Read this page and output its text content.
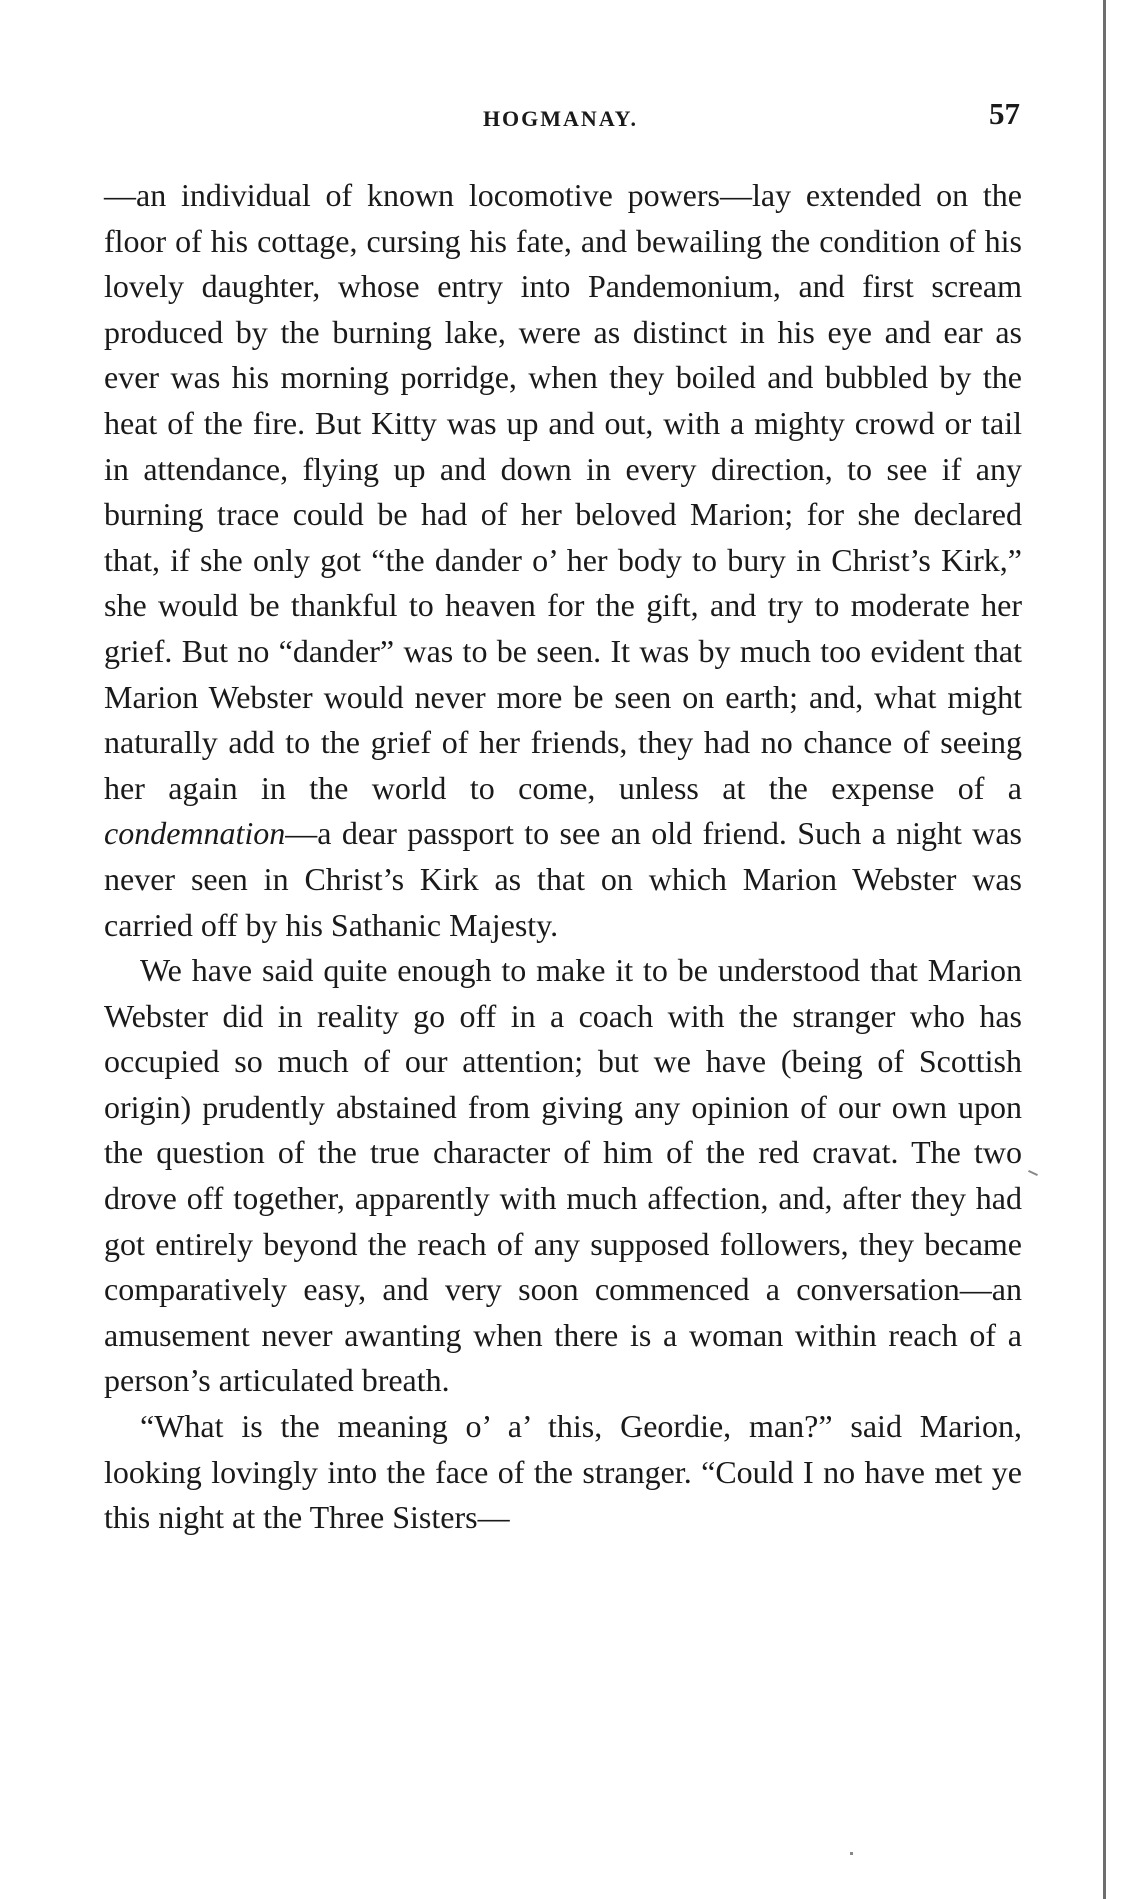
HOGMANAY.	57

—an individual of known locomotive powers—lay extended on the floor of his cottage, cursing his fate, and bewailing the condition of his lovely daughter, whose entry into Pandemonium, and first scream produced by the burning lake, were as distinct in his eye and ear as ever was his morning porridge, when they boiled and bubbled by the heat of the fire. But Kitty was up and out, with a mighty crowd or tail in attendance, flying up and down in every direction, to see if any burning trace could be had of her beloved Marion; for she declared that, if she only got “the dander o’ her body to bury in Christ’s Kirk,” she would be thankful to heaven for the gift, and try to moderate her grief. But no “dander” was to be seen. It was by much too evident that Marion Webster would never more be seen on earth; and, what might naturally add to the grief of her friends, they had no chance of seeing her again in the world to come, unless at the expense of a condemnation—a dear passport to see an old friend. Such a night was never seen in Christ’s Kirk as that on which Marion Webster was carried off by his Sathanic Majesty.

We have said quite enough to make it to be understood that Marion Webster did in reality go off in a coach with the stranger who has occupied so much of our attention; but we have (being of Scottish origin) prudently abstained from giving any opinion of our own upon the question of the true character of him of the red cravat. The two drove off together, apparently with much affection, and, after they had got entirely beyond the reach of any supposed followers, they became comparatively easy, and very soon commenced a conversation—an amusement never awanting when there is a woman within reach of a person’s articulated breath.

“What is the meaning o’ a’ this, Geordie, man?” said Marion, looking lovingly into the face of the stranger. “Could I no have met ye this night at the Three Sisters—
